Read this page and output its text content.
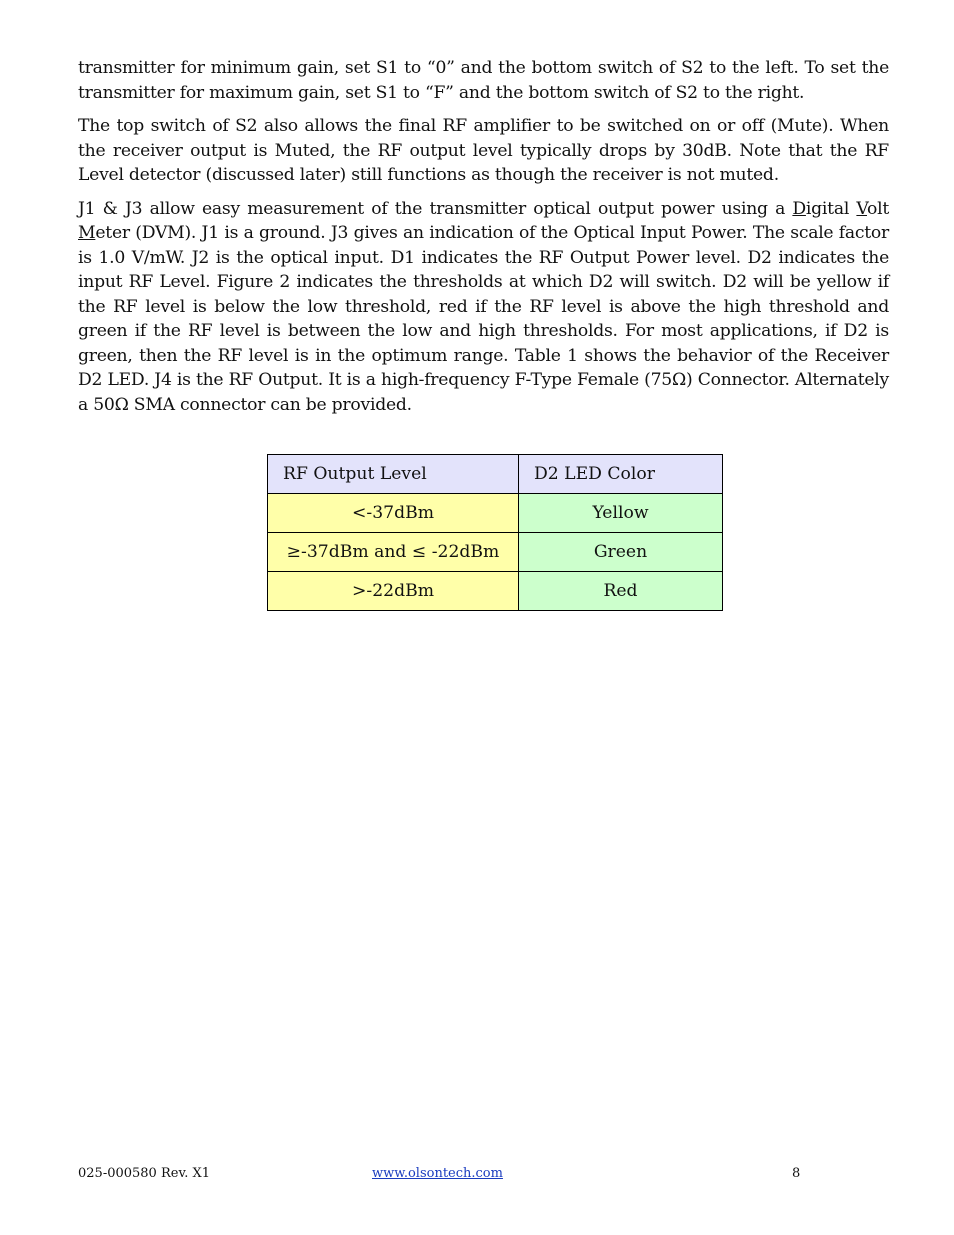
transmitter for minimum gain, set S1 to “0” and the bottom switch of S2 to the left. To set the transmitter for maximum gain, set S1 to “F” and the bottom switch of S2 to the right.

The top switch of S2 also allows the final RF amplifier to be switched on or off (Mute). When the receiver output is Muted, the RF output level typically drops by 30dB. Note that the RF Level detector (discussed later) still functions as though the receiver is not muted.

J1 & J3 allow easy measurement of the transmitter optical output power using a Digital Volt Meter (DVM). J1 is a ground. J3 gives an indication of the Optical Input Power. The scale factor is 1.0 V/mW. J2 is the optical input. D1 indicates the RF Output Power level. D2 indicates the input RF Level. Figure 2 indicates the thresholds at which D2 will switch. D2 will be yellow if the RF level is below the low threshold, red if the RF level is above the high threshold and green if the RF level is between the low and high thresholds. For most applications, if D2 is green, then the RF level is in the optimum range. Table 1 shows the behavior of the Receiver D2 LED. J4 is the RF Output. It is a high-frequency F-Type Female (75Ω) Connector. Alternately a 50Ω SMA connector can be provided.

RF Output Level	D2 LED Color
<-37dBm	Yellow
≥-37dBm and ≤ -22dBm	Green
>-22dBm	Red
025-000580 Rev. X1	www.olsontech.com	8
